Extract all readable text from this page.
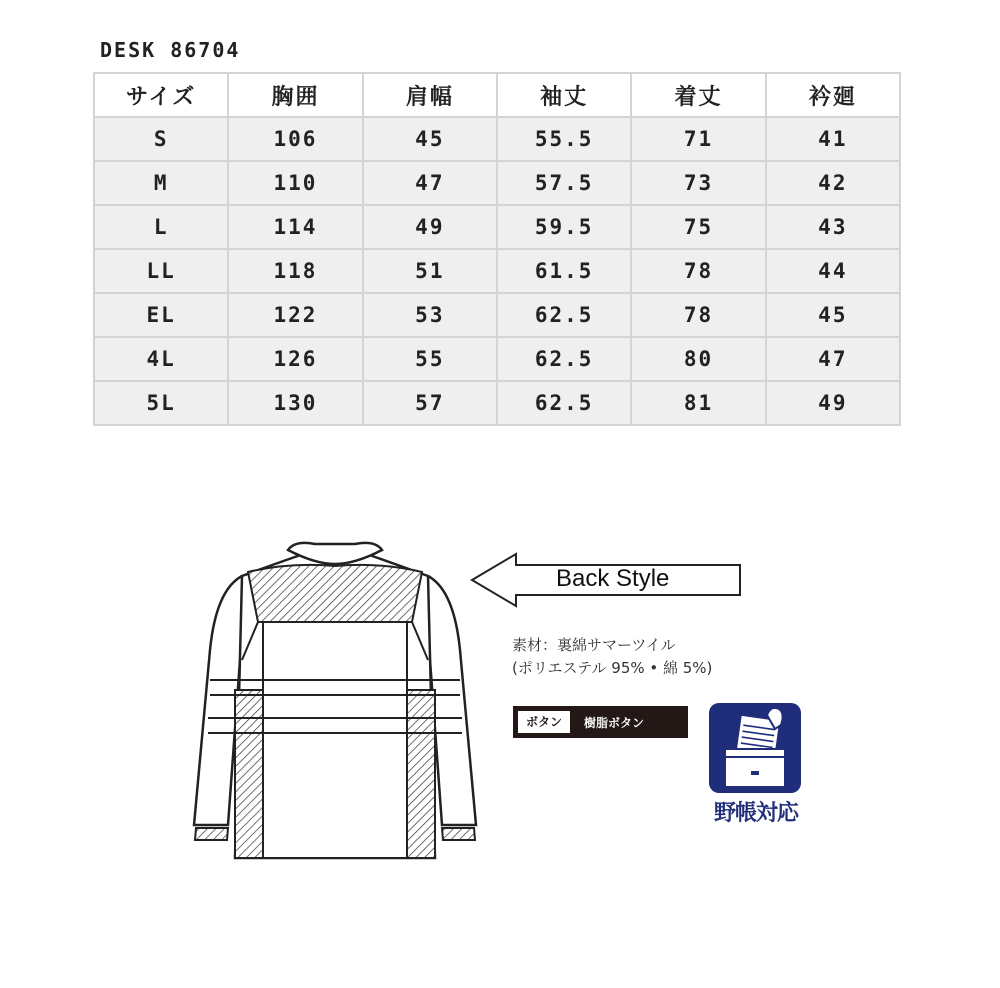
DESK 86704
サイズ	胸囲	肩幅	袖丈	着丈	衿廻
S	106	45	55.5	71	41
M	110	47	57.5	73	42
L	114	49	59.5	75	43
LL	118	51	61.5	78	44
EL	122	53	62.5	78	45
4L	126	55	62.5	80	47
5L	130	57	62.5	81	49
Back Style
素材：裏綿サマーツイル
(ポリエステル 95% • 綿 5%)
ボタン	樹脂ボタン
野帳対応
